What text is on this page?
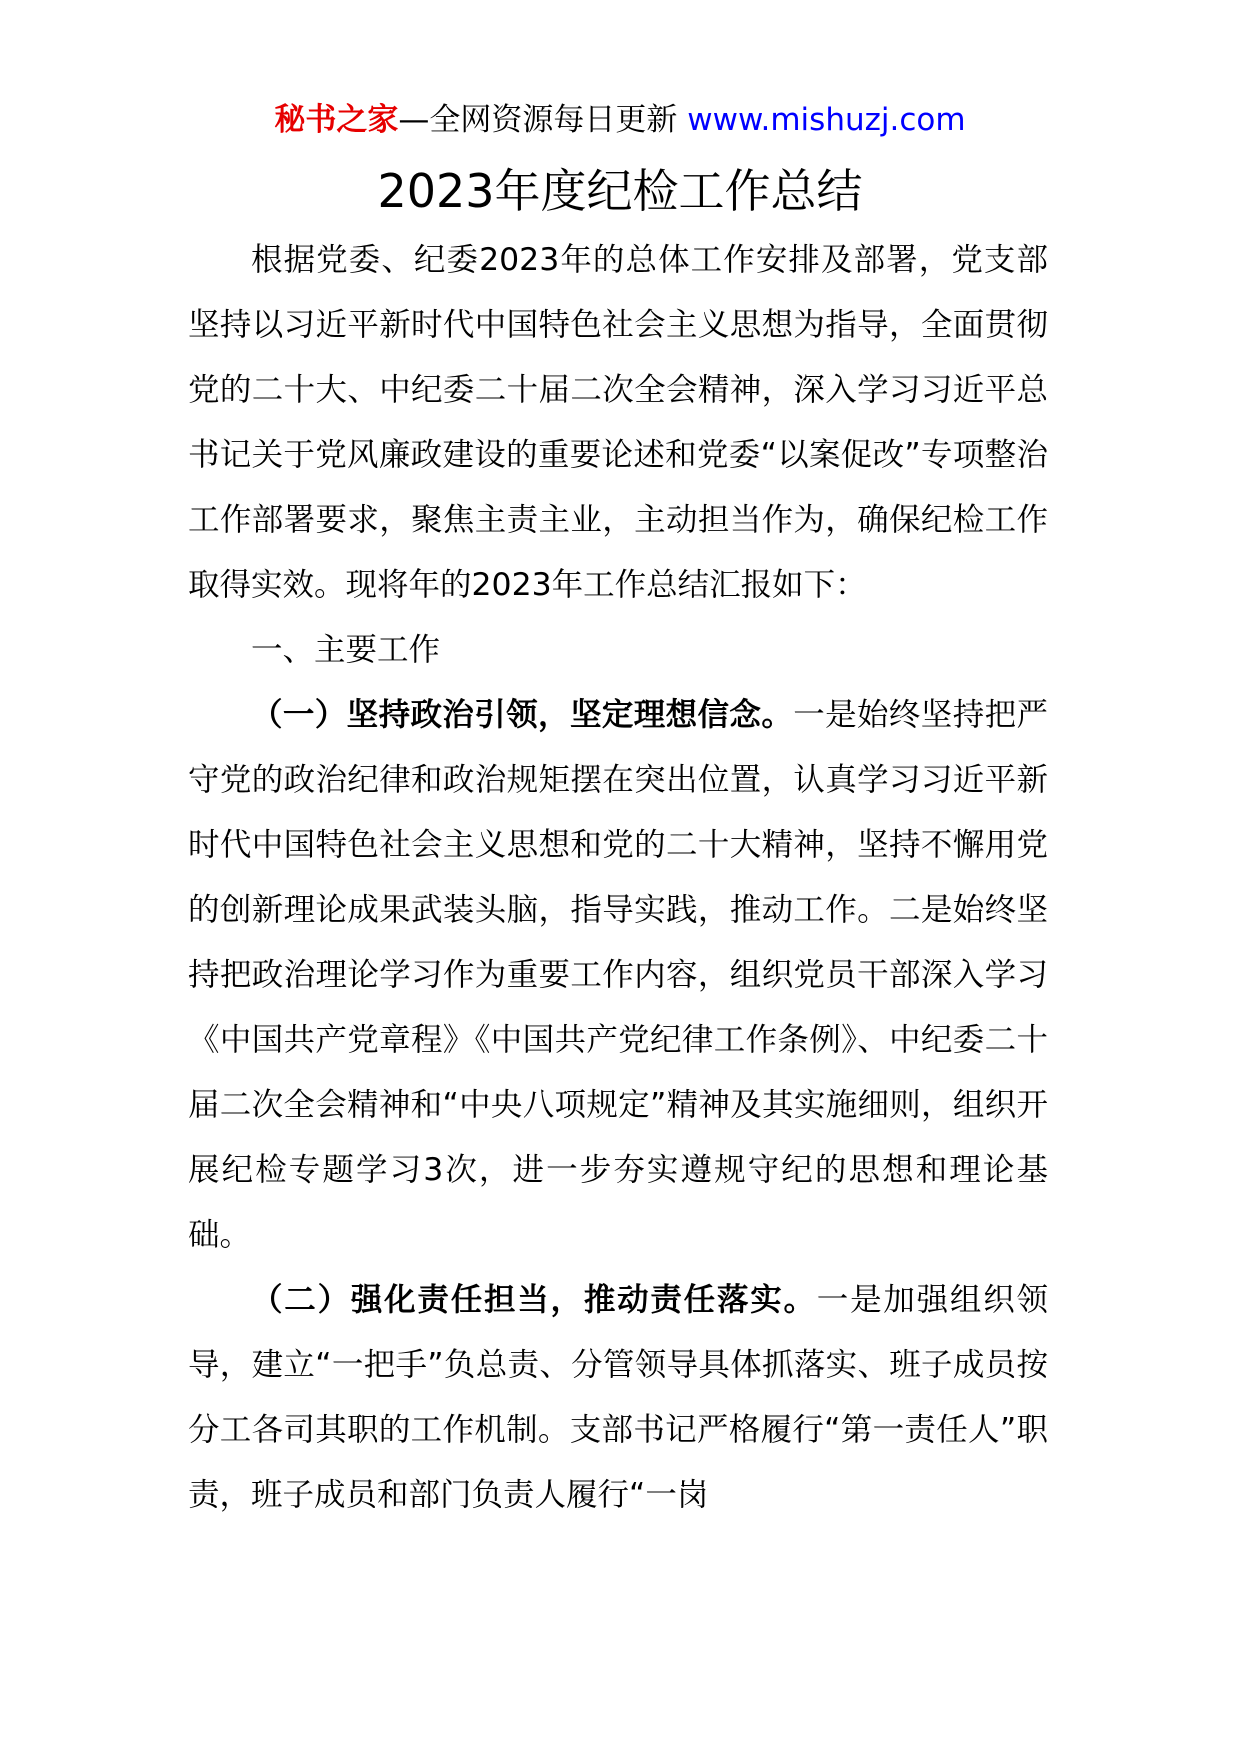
秘书之家—全网资源每日更新 www.mishuzj.com
2023年度纪检工作总结

根据党委、纪委2023年的总体工作安排及部署，党支部坚持以习近平新时代中国特色社会主义思想为指导，全面贯彻党的二十大、中纪委二十届二次全会精神，深入学习习近平总书记关于党风廉政建设的重要论述和党委“以案促改”专项整治工作部署要求，聚焦主责主业，主动担当作为，确保纪检工作取得实效。现将年的2023年工作总结汇报如下：

一、主要工作

（一）坚持政治引领，坚定理想信念。一是始终坚持把严守党的政治纪律和政治规矩摆在突出位置，认真学习习近平新时代中国特色社会主义思想和党的二十大精神，坚持不懈用党的创新理论成果武装头脑，指导实践，推动工作。二是始终坚持把政治理论学习作为重要工作内容，组织党员干部深入学习《中国共产党章程》《中国共产党纪律工作条例》、中纪委二十届二次全会精神和“中央八项规定”精神及其实施细则，组织开展纪检专题学习3次，进一步夯实遵规守纪的思想和理论基础。

（二）强化责任担当，推动责任落实。一是加强组织领导，建立“一把手”负总责、分管领导具体抓落实、班子成员按分工各司其职的工作机制。支部书记严格履行“第一责任人”职责，班子成员和部门负责人履行“一岗
